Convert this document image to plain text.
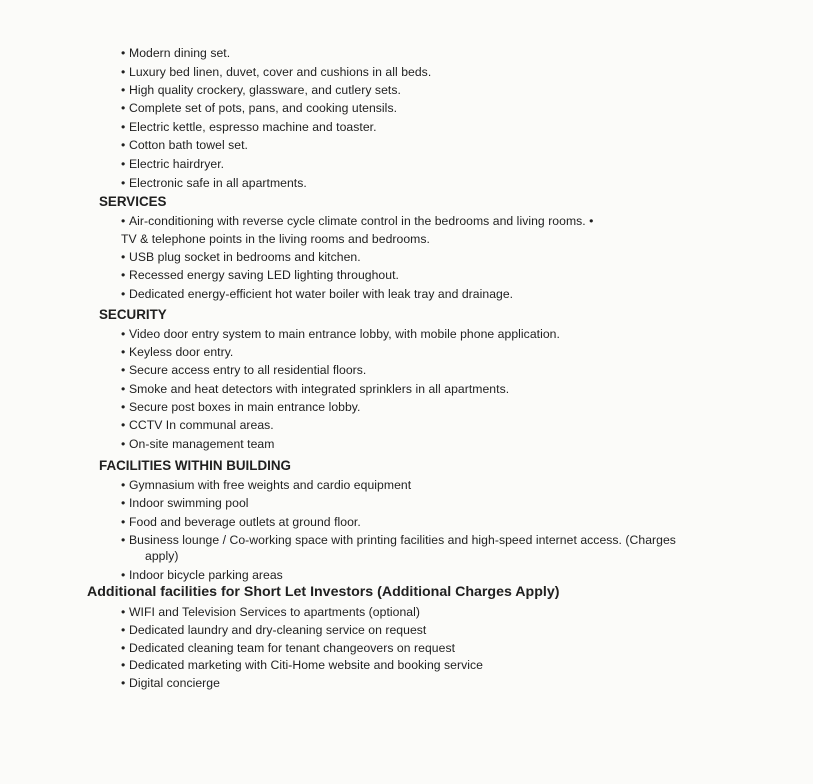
• Modern dining set.
• Luxury bed linen, duvet, cover and cushions in all beds.
• High quality crockery, glassware, and cutlery sets.
• Complete set of pots, pans, and cooking utensils.
• Electric kettle, espresso machine and toaster.
• Cotton bath towel set.
• Electric hairdryer.
• Electronic safe in all apartments.
SERVICES
• Air-conditioning with reverse cycle climate control in the bedrooms and living rooms. •
TV & telephone points in the living rooms and bedrooms.
• USB plug socket in bedrooms and kitchen.
• Recessed energy saving LED lighting throughout.
• Dedicated energy-efficient hot water boiler with leak tray and drainage.
SECURITY
• Video door entry system to main entrance lobby, with mobile phone application.
• Keyless door entry.
• Secure access entry to all residential floors.
• Smoke and heat detectors with integrated sprinklers in all apartments.
• Secure post boxes in main entrance lobby.
• CCTV In communal areas.
• On-site management team
FACILITIES WITHIN BUILDING
• Gymnasium with free weights and cardio equipment
• Indoor swimming pool
• Food and beverage outlets at ground floor.
• Business lounge / Co-working space with printing facilities and high-speed internet access. (Charges
apply)
• Indoor bicycle parking areas
Additional facilities for Short Let Investors (Additional Charges Apply)
• WIFI and Television Services to apartments (optional)
• Dedicated laundry and dry-cleaning service on request
• Dedicated cleaning team for tenant changeovers on request
• Dedicated marketing with Citi-Home website and booking service
• Digital concierge
